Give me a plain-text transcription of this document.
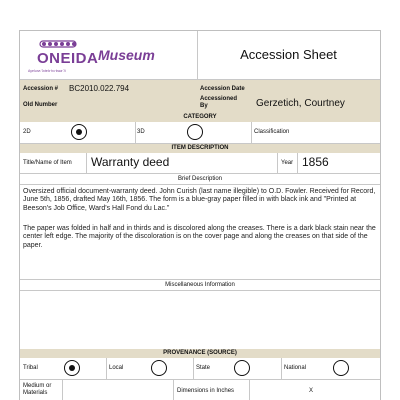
ONEIDA
Ayelunʌ·ʔɛtelɪ·hɔ·kwa·ʔi
Museum	Accession Sheet
Accession # BC2010.022.794	Accession Date
Old Number
Accessioned By	Gerzetich, Courtney
CATEGORY
2D	3D	Classification
ITEM DESCRIPTION
Title/Name of Item Warranty deed	Year 1856
Brief Description
Oversized official document-warranty deed. John Curish (last name illegible) to O.D. Fowler. Received for Record, June 5th, 1856, drafted May 16th, 1856. The form is a blue-gray paper filled in with black ink and "Printed at Beeson's Job Office, Ward's Hall Fond du Lac."
The paper was folded in half and in thirds and is discolored along the creases. There is a dark black stain near the center left edge. The majority of the discoloration is on the cover page and along the creases on that side of the paper.
Miscellaneous Information
PROVENANCE (SOURCE)
Tribal	Local	State	National
Medium or Materials	Dimensions in Inches	X
